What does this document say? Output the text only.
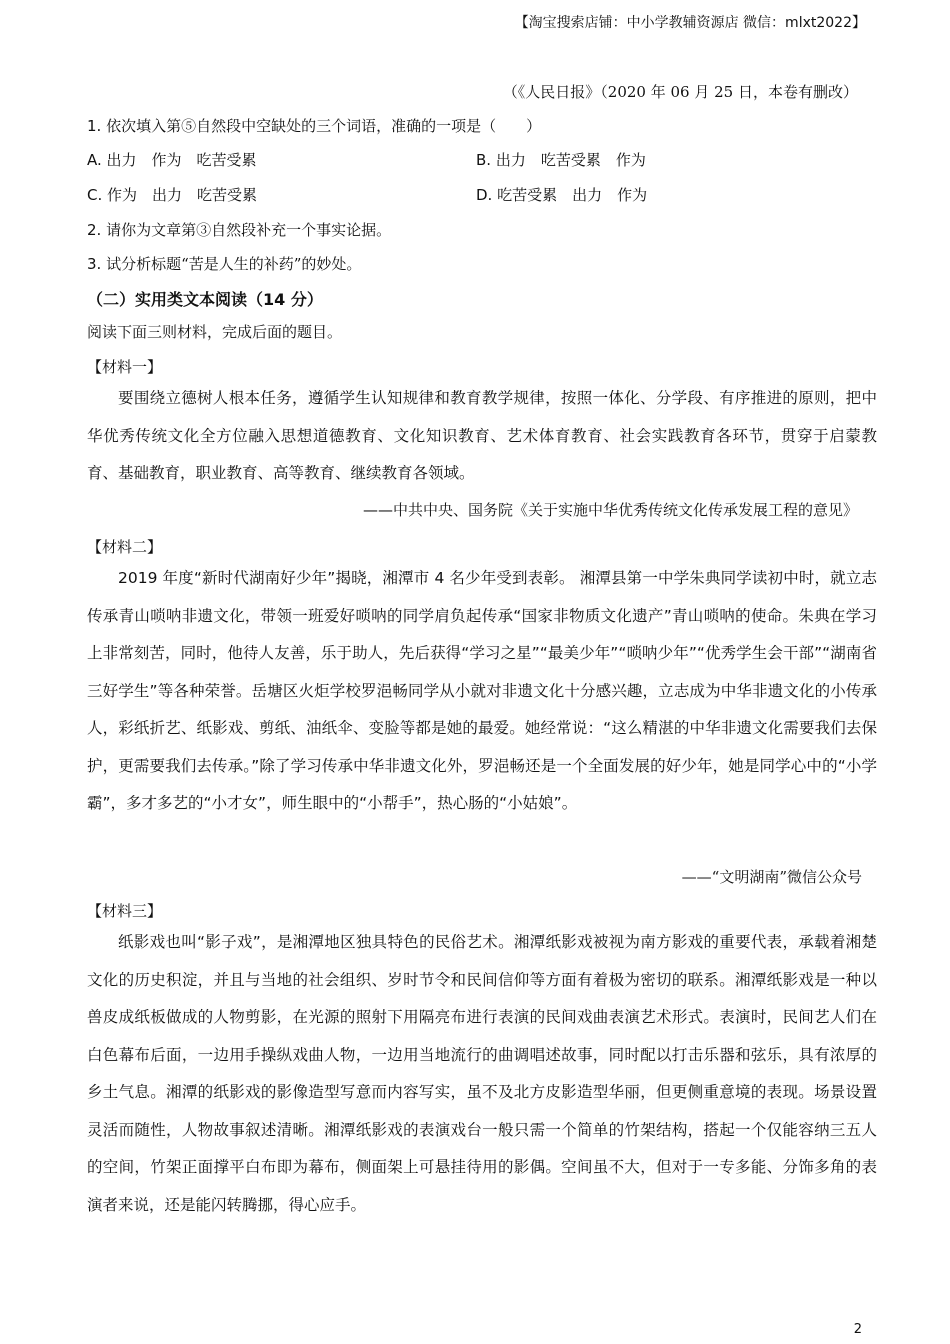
【淘宝搜索店铺：中小学教辅资源店 微信：mlxt2022】
（《人民日报》（2020 年 06 月 25 日，本卷有删改）
1. 依次填入第⑤自然段中空缺处的三个词语，准确的一项是（　　）
A. 出力　作为　吃苦受累	B. 出力　吃苦受累　作为
C. 作为　出力　吃苦受累	D. 吃苦受累　出力　作为
2. 请你为文章第③自然段补充一个事实论据。
3. 试分析标题“苦是人生的补药”的妙处。
（二）实用类文本阅读（14 分）
阅读下面三则材料，完成后面的题目。
【材料一】

要围绕立德树人根本任务，遵循学生认知规律和教育教学规律，按照一体化、分学段、有序推进的原则，把中华优秀传统文化全方位融入思想道德教育、文化知识教育、艺术体育教育、社会实践教育各环节，贯穿于启蒙教育、基础教育，职业教育、高等教育、继续教育各领域。

——中共中央、国务院《关于实施中华优秀传统文化传承发展工程的意见》
【材料二】

2019 年度“新时代湖南好少年”揭晓，湘潭市 4 名少年受到表彰。 湘潭县第一中学朱典同学读初中时，就立志传承青山唢呐非遗文化，带领一班爱好唢呐的同学肩负起传承“国家非物质文化遗产”青山唢呐的使命。朱典在学习上非常刻苦，同时，他待人友善，乐于助人，先后获得“学习之星”“最美少年”“唢呐少年”“优秀学生会干部”“湖南省三好学生”等各种荣誉。岳塘区火炬学校罗浥畅同学从小就对非遗文化十分感兴趣，立志成为中华非遗文化的小传承人，彩纸折艺、纸影戏、剪纸、油纸伞、变脸等都是她的最爱。她经常说：“这么精湛的中华非遗文化需要我们去保护，更需要我们去传承。”除了学习传承中华非遗文化外，罗浥畅还是一个全面发展的好少年，她是同学心中的“小学霸”，多才多艺的“小才女”，师生眼中的“小帮手”，热心肠的“小姑娘”。

——“文明湖南”微信公众号
【材料三】

纸影戏也叫“影子戏”，是湘潭地区独具特色的民俗艺术。湘潭纸影戏被视为南方影戏的重要代表，承载着湘楚文化的历史积淀，并且与当地的社会组织、岁时节令和民间信仰等方面有着极为密切的联系。湘潭纸影戏是一种以兽皮成纸板做成的人物剪影，在光源的照射下用隔亮布进行表演的民间戏曲表演艺术形式。表演时，民间艺人们在白色幕布后面，一边用手操纵戏曲人物，一边用当地流行的曲调唱述故事，同时配以打击乐器和弦乐，具有浓厚的乡土气息。湘潭的纸影戏的影像造型写意而内容写实，虽不及北方皮影造型华丽，但更侧重意境的表现。场景设置灵活而随性，人物故事叙述清晰。湘潭纸影戏的表演戏台一般只需一个简单的竹架结构，搭起一个仅能容纳三五人的空间，竹架正面撑平白布即为幕布，侧面架上可悬挂待用的影偶。空间虽不大，但对于一专多能、分饰多角的表演者来说，还是能闪转腾挪，得心应手。

2
